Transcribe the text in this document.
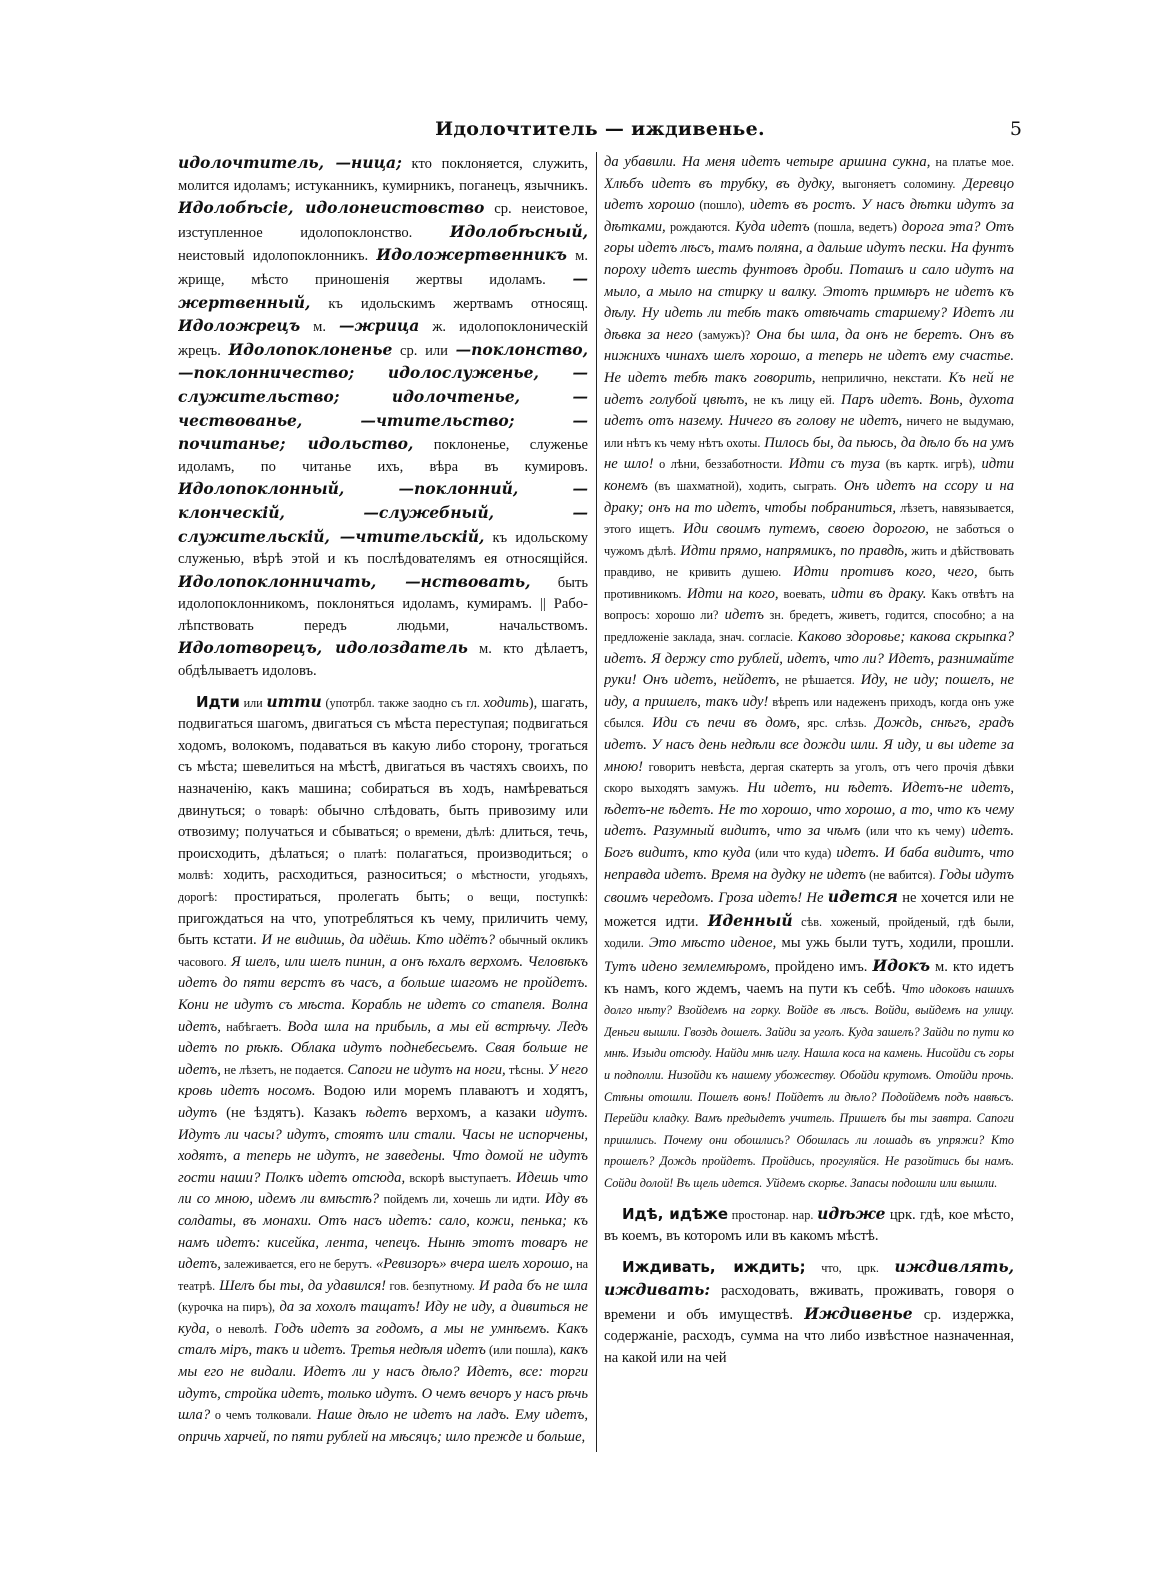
Идолочтитель — иждивенье.	5

идолочтитель, —ница; кто поклоняется, служить, молится идоламъ; истуканникъ, кумирникъ, поганецъ, язычникъ. Идолобѣсіе, идолонеистовство ср. неистовое, изступленное идолопоклонство. Идолобѣсный, неистовый идолопоклонникъ. Идоложертвенникъ м. жрище, мѣсто приношенія жертвы идоламъ. —жертвенный, къ идольскимъ жертвамъ относящ. Идоложрецъ м. —жрица ж. идолопоклоническій жрецъ. Идолопоклоненье ср. или —поклонство, —поклонничество; идолослуженье, —служительство; идолочтенье, —чествованье, —чтительство; —почитанье; идольство, поклоненье, служенье идоламъ, по читанье ихъ, вѣра въ кумировъ. Идолопоклонный, —поклонний, —клонческій, —служебный, —служительскій, —чтительскій, къ идольскому служенью, вѣрѣ этой и къ послѣдователямъ ея относящійся. Идолопоклонничать, —нствовать, быть идолопоклонникомъ, поклоняться идоламъ, кумирамъ. || Раболѣпствовать передъ людьми, начальствомъ. Идолотворецъ, идолоздатель м. кто дѣлаетъ, обдѣлываетъ идоловъ.

Идти или итти (употрбл. также заодно съ гл. ходить), шагать, подвигаться шагомъ, двигаться съ мѣста переступая; подвигаться ходомъ, волокомъ, подаваться въ какую либо сторону, трогаться съ мѣста; шевелиться на мѣстѣ, двигаться въ частяхъ своихъ, по назначенію, какъ машина; собираться въ ходъ, намѣреваться двинуться; о товарѣ: обычно слѣдовать, быть привозиму или отвозиму; получаться и сбываться; о времени, дѣлѣ: длиться, течь, происходить, дѣлаться; о платѣ: полагаться, производиться; о молвѣ: ходить, расходиться, разноситься; о мѣстности, угодьяхъ, дорогѣ: простираться, пролегать быть; о вещи, поступкѣ: пригождаться на что, употребляться къ чему, приличить чему, быть кстати. И не видишь, да идёшь. Кто идётъ? обычный окликъ часового. Я шелъ, или шелъ пинин, а онъ ѣхалъ верхомъ. Человѣкъ идетъ до пяти верстъ въ часъ, а больше шагомъ не пройдетъ. Кони не идутъ съ мѣста. Корабль не идетъ со стапеля. Волна идетъ, набѣгаетъ. Вода шла на прибыль, а мы ей встрѣчу. Ледъ идетъ по рѣкѣ. Облака идутъ поднебесьемъ. Свая больше не идетъ, не лѣзетъ, не подается. Сапоги не идутъ на ноги, тѣсны. У него кровь идетъ носомъ. Водою или моремъ плаваютъ и ходятъ, идутъ (не ѣздятъ). Казакъ ѣдетъ верхомъ, а казаки идутъ. Идутъ ли часы? идутъ, стоятъ или стали. Часы не испорчены, ходятъ, а теперь не идутъ, не заведены. Что домой не идутъ гости наши? Полкъ идетъ отсюда, вскорѣ выступаетъ. Идешь что ли со мною, идемъ ли вмѣстѣ? пойдемъ ли, хочешь ли идти. Иду въ солдаты, въ монахи. Отъ насъ идетъ: сало, кожи, пенька; къ намъ идетъ: кисейка, лента, чепецъ. Нынѣ этотъ товаръ не идетъ, залеживается, его не берутъ. «Ревизоръ» вчера шелъ хорошо, на театрѣ. Шелъ бы ты, да удавился! гов. безпутному. И рада бъ не шла (курочка на пиръ), да за хохолъ тащатъ! Иду не иду, а дивиться не куда, о неволѣ. Годъ идетъ за годомъ, а мы не умнѣемъ. Какъ сталъ міръ, такъ и идетъ. Третья недѣля идетъ (или пошла), какъ мы его не видали. Идетъ ли у насъ дѣло? Идетъ, все: торги идутъ, стройка идетъ, только идутъ. О чемъ вечоръ у насъ рѣчь шла? о чемъ толковали. Наше дѣло не идетъ на ладъ. Ему идетъ, опричь харчей, по пяти рублей на мѣсяцъ; шло прежде и больше,

да убавили. На меня идетъ четыре аршина сукна, на платье мое. Хлѣбъ идетъ въ трубку, въ дудку, выгоняетъ соломину. Деревцо идетъ хорошо (пошло), идетъ въ ростъ. У насъ дѣтки идутъ за дѣтками, рождаются. Куда идетъ (пошла, ведетъ) дорога эта? Отъ горы идетъ лѣсъ, тамъ поляна, а дальше идутъ пески. На фунтъ пороху идетъ шесть фунтовъ дроби. Поташъ и сало идутъ на мыло, а мыло на стирку и валку. Этотъ примѣръ не идетъ къ дѣлу. Ну идеть ли тебѣ такъ отвѣчать старшему? Идетъ ли дѣвка за него (замужъ)? Она бы шла, да онъ не беретъ. Онъ въ нижнихъ чинахъ шелъ хорошо, а теперь не идетъ ему счастье. Не идетъ тебѣ такъ говорить, неприлично, некстати. Къ ней не идетъ голубой цвѣтъ, не къ лицу ей. Паръ идетъ. Вонь, духота идетъ отъ назему. Ничего въ голову не идетъ, ничего не выдумаю, или нѣтъ къ чему нѣтъ охоты. Пилось бы, да пьюсь, да дѣло бъ на умъ не шло! о лѣни, беззаботности. Идти съ туза (въ картк. игрѣ), идти конемъ (въ шахматной), ходить, сыграть. Онъ идетъ на ссору и на драку; онъ на то идетъ, чтобы побраниться, лѣзетъ, навязывается, этого ищетъ. Иди своимъ путемъ, своею дорогою, не заботься о чужомъ дѣлѣ. Идти прямо, напрямикъ, по правдѣ, жить и дѣйствовать правдиво, не кривить душею. Идти противъ кого, чего, быть противникомъ. Идти на кого, воевать, идти въ драку. Какъ отвѣтъ на вопросъ: хорошо ли? идетъ зн. бредетъ, живетъ, годится, способно; а на предложеніе заклада, знач. согласіе. Каково здоровье; какова скрыпка? идетъ. Я держу сто рублей, идетъ, что ли? Идетъ, разнимайте руки! Онъ идетъ, нейдетъ, не рѣшается. Иду, не иду; пошелъ, не иду, а пришелъ, такъ иду! вѣрепъ или надеженъ приходъ, когда онъ уже сбылся. Иди съ печи въ домъ, ярс. слѣзь. Дождь, снѣгъ, градъ идетъ. У насъ день недѣли все дожди шли. Я иду, и вы идете за мною! говоритъ невѣста, дергая скатерть за уголъ, отъ чего прочія дѣвки скоро выходятъ замужъ. Ни идетъ, ни ѣдетъ. Идетъ-не идетъ, ѣдетъ-не ѣдетъ. Не то хорошо, что хорошо, а то, что къ чему идетъ. Разумный видитъ, что за чѣмъ (или что къ чему) идетъ. Богъ видитъ, кто куда (или что куда) идетъ. И баба видитъ, что неправда идетъ. Время на дудку не идетъ (не вабится). Годы идутъ своимъ чередомъ. Гроза идетъ! Не идется не хочется или не можется идти. Иденный сѣв. хоженый, пройденый, гдѣ были, ходили. Это мѣсто иденое, мы ужь были тутъ, ходили, прошли. Тутъ идено землемѣромъ, пройдено имъ. Идокъ м. кто идетъ къ намъ, кого ждемъ, чаемъ на пути къ себѣ. Что идоковъ нашихъ долго нѣту? Взойдемъ на горку. Войде въ лѣсъ. Войди, выйдемъ на улицу. Деньги вышли. Гвоздь дошелъ. Зайди за уголъ. Куда зашелъ? Зайди по пути ко мнѣ. Изыди отсюду. Найди мнѣ иглу. Нашла коса на камень. Нисойди съ горы и подполли. Низойди къ нашему убожеству. Обойди крутомъ. Отойди прочь. Стѣны отошли. Пошелъ вонъ! Пойдетъ ли дѣло? Подойдемъ подъ навѣсъ. Перейди кладку. Вамъ предыдетъ учитель. Пришелъ бы ты завтра. Сапоги пришлись. Почему они обошлись? Обошлась ли лошадь въ упряжи? Кто прошелъ? Дождь пройдетъ. Пройдись, прогуляйся. Не разойтись бы намъ. Сойди долой! Въ щель идется. Уйдемъ скорѣе. Запасы подошли или вышли.

Идѣ, идѣже простонар. нар. идѣже црк. гдѣ, кое мѣсто, въ коемъ, въ которомъ или въ какомъ мѣстѣ.

Иждивать, иждить; что, црк. иждивлять, иждивать: расходовать, вживать, проживать, говоря о времени и объ имуществѣ. Иждивенье ср. издержка, содержаніе, расходъ, сумма на что либо извѣстное назначенная, на какой или на чей
